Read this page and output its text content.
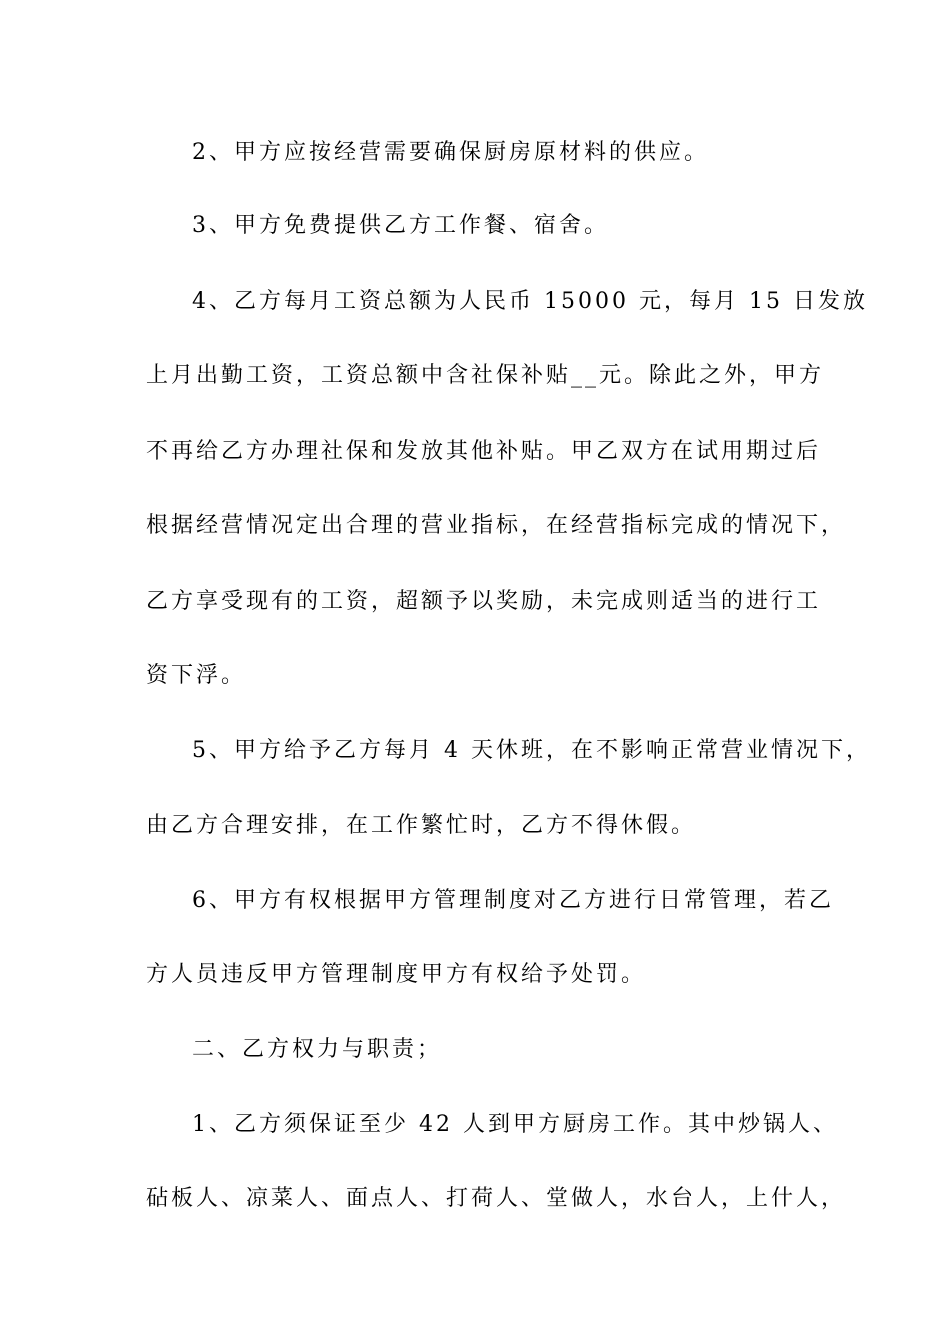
2、甲方应按经营需要确保厨房原材料的供应。
3、甲方免费提供乙方工作餐、宿舍。
4、乙方每月工资总额为人民币 15000 元，每月 15 日发放
上月出勤工资，工资总额中含社保补贴__元。除此之外，甲方
不再给乙方办理社保和发放其他补贴。甲乙双方在试用期过后
根据经营情况定出合理的营业指标，在经营指标完成的情况下，
乙方享受现有的工资，超额予以奖励，未完成则适当的进行工
资下浮。
5、甲方给予乙方每月 4 天休班，在不影响正常营业情况下，
由乙方合理安排，在工作繁忙时，乙方不得休假。
6、甲方有权根据甲方管理制度对乙方进行日常管理，若乙
方人员违反甲方管理制度甲方有权给予处罚。
二、乙方权力与职责；
1、乙方须保证至少 42 人到甲方厨房工作。其中炒锅人、
砧板人、凉菜人、面点人、打荷人、堂做人，水台人，上什人，
